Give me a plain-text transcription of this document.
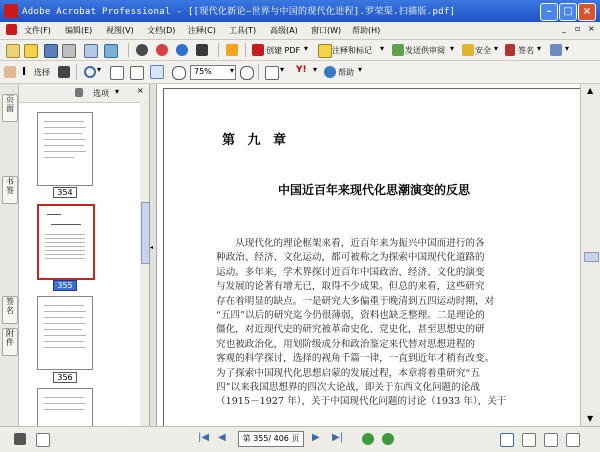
Adobe Acrobat Professional - [[现代化新论—世界与中国的现代化进程].罗荣渠.扫描版.pdf]	–	□	×
文件(F) 编辑(E) 视图(V) 文档(D) 注释(C) 工具(T) 高级(A) 窗口(W) 帮助(H)	_ ▫ ×
创建 PDF ▾	注释和标记 ▾	发送供审阅 ▾	安全 ▾ 签名 ▾	▾
I 选择	▾	75% ▾	▾ Y! ▾	帮助 ▾
页面
书签
签名
附件
选项 ▾ ×
354
355
356
◂
第 九 章
中国近百年来现代化思潮演变的反思
从现代化的理论框架来看，近百年来为振兴中国而进行的各
种政治、经济、文化运动，都可被称之为探索中国现代化道路的
运动。多年来，学术界探讨近百年中国政治、经济、文化的演变
与发展的论著有增无已，取得不少成果。但总的来看，这些研究
存在着明显的缺点。一是研究大多偏重于晚清到五四运动时期，对
“五四”以后的研究迄今仍很薄弱，资料也缺乏整理。二是理论的
僵化，对近现代史的研究被革命史化、党史化，甚至思想史的研
究也被政治化，用划阶级成分和政治鉴定来代替对思想进程的
客观的科学探讨，选择的视角千篇一律，一直到近年才稍有改变。
为了探索中国现代化思想启蒙的发展过程，本章将着重研究“五
四”以来我国思想界的四次大论战，即关于东西文化问题的论战
（1915－1927 年），关于中国现代化问题的讨论（1933 年），关于
▲
▼
|◀ ◀	第 355/ 406 页	▶	▶|
